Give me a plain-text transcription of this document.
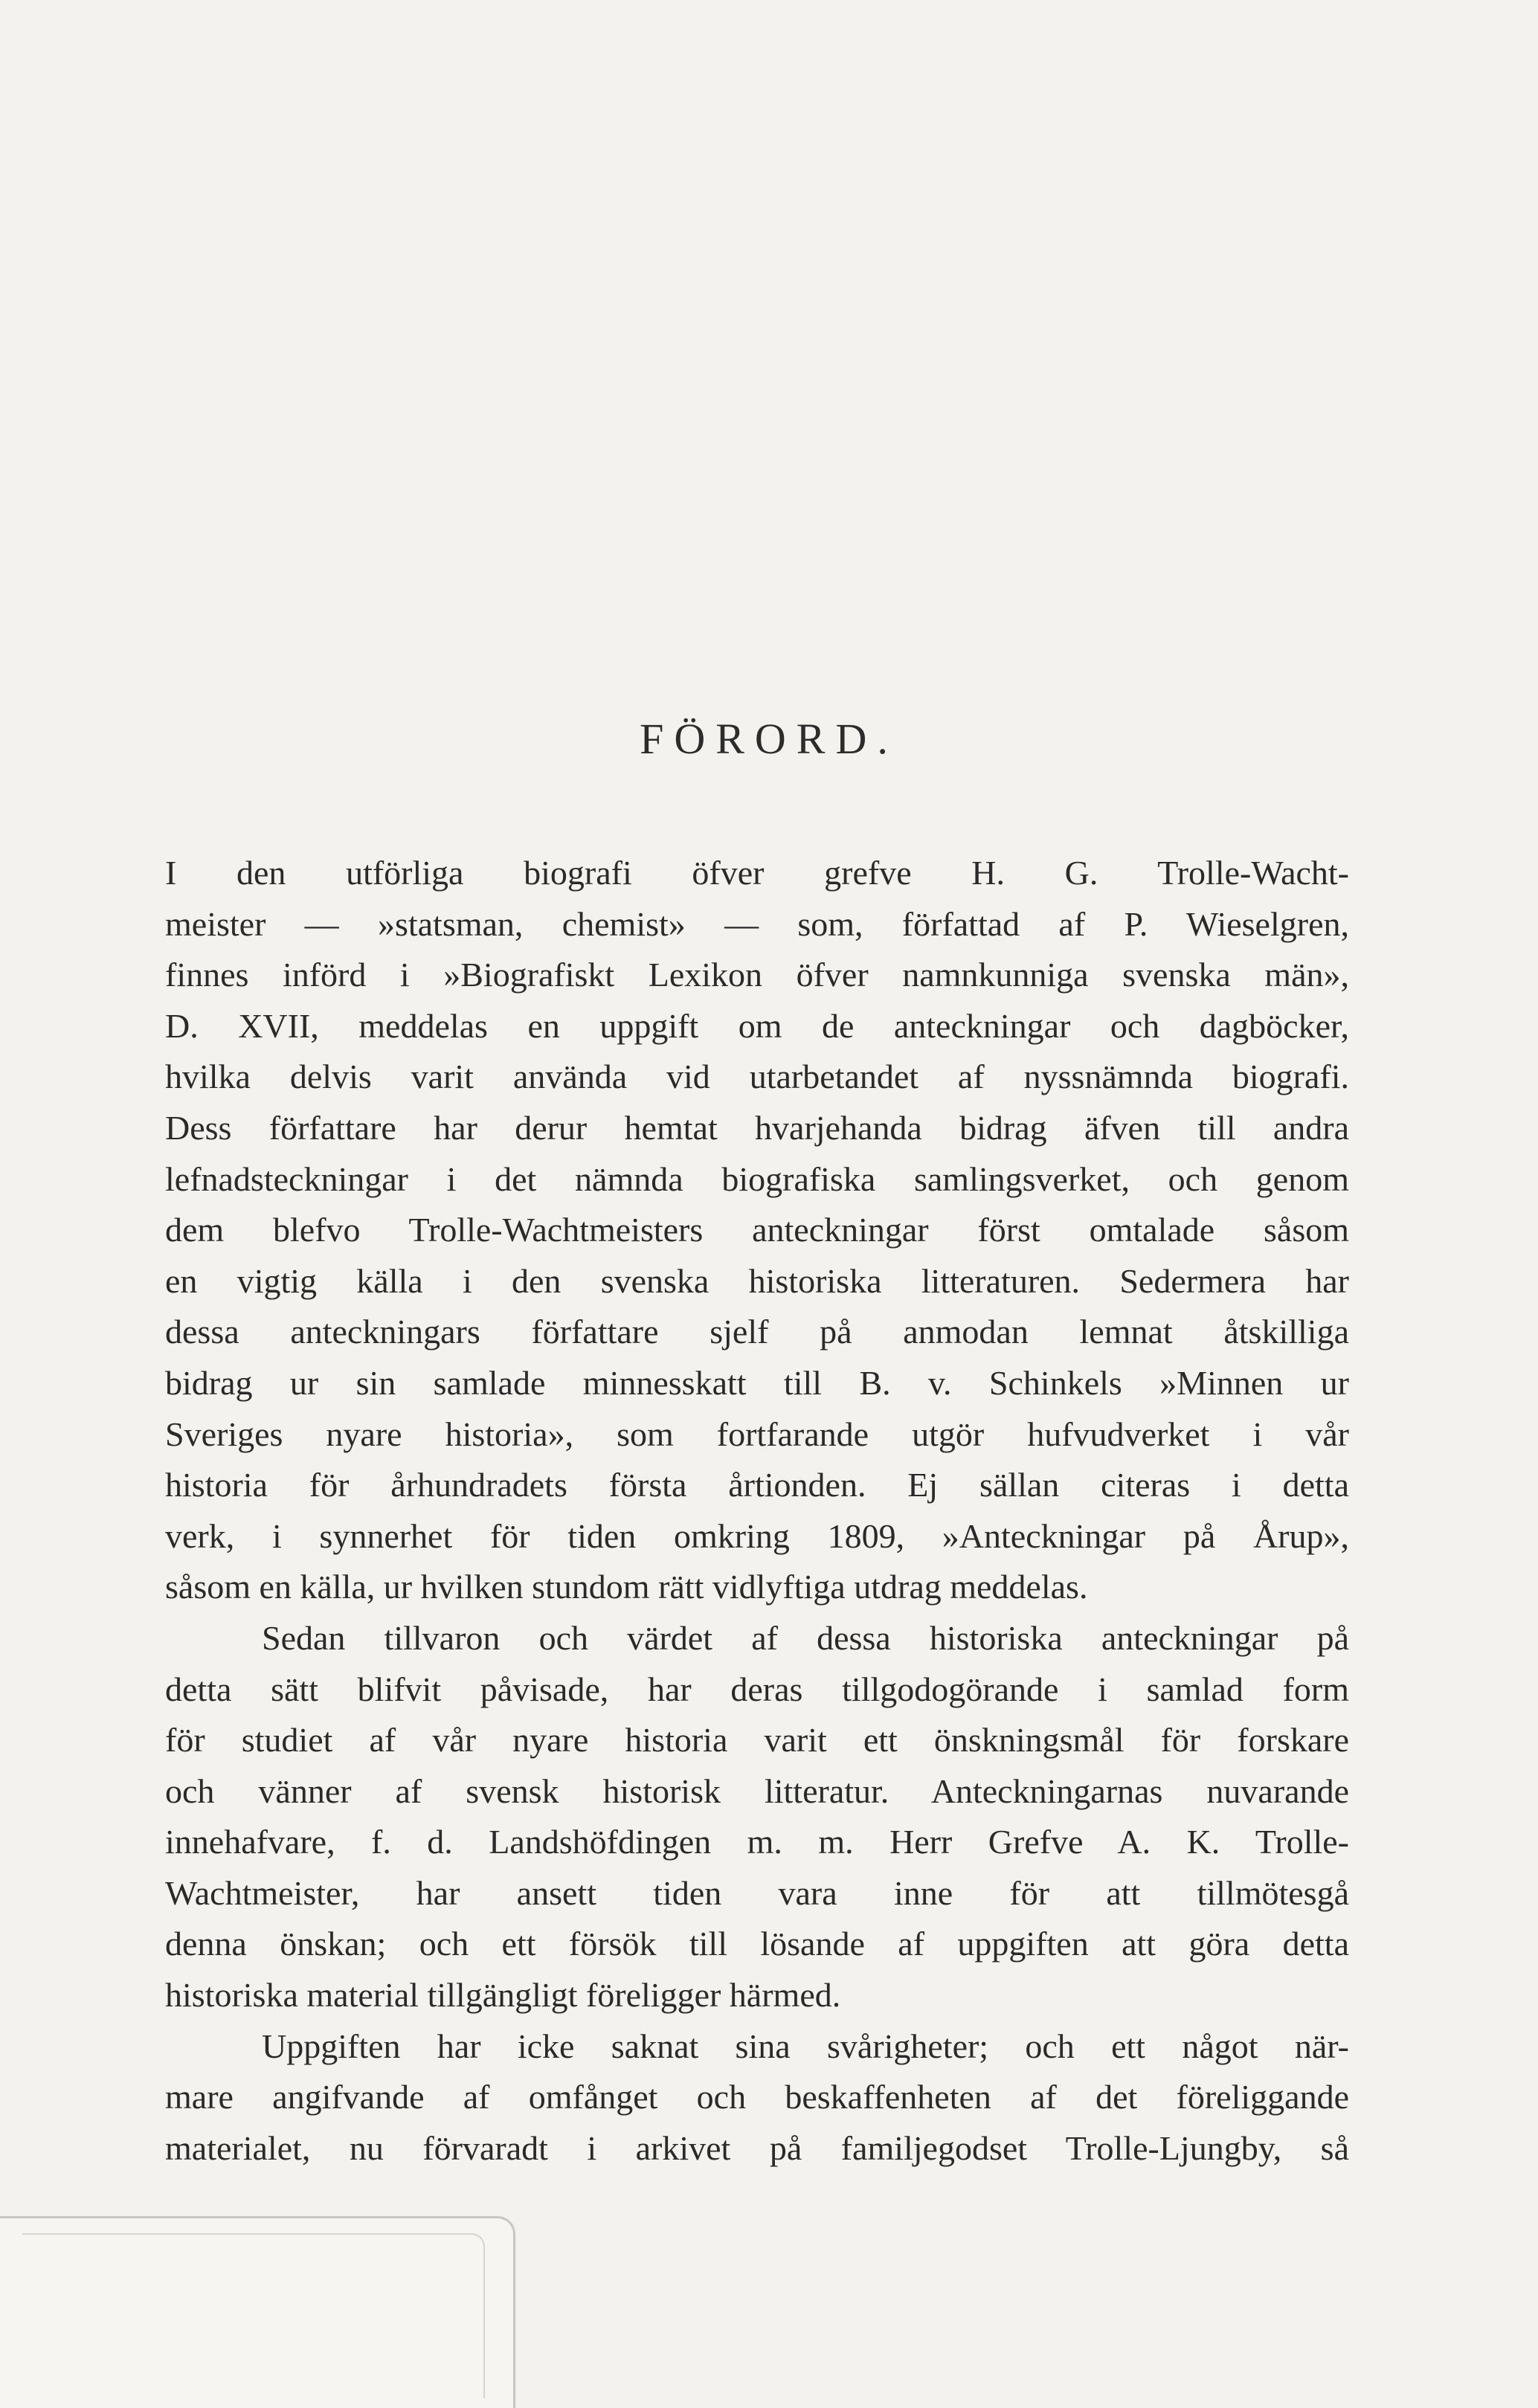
FÖRORD.
I den utförliga biografi öfver grefve H. G. Trolle-Wacht-
meister — »statsman, chemist» — som, författad af P. Wieselgren,
finnes införd i »Biografiskt Lexikon öfver namnkunniga svenska män»,
D. XVII, meddelas en uppgift om de anteckningar och dagböcker,
hvilka delvis varit använda vid utarbetandet af nyssnämnda biografi.
Dess författare har derur hemtat hvarjehanda bidrag äfven till andra
lefnadsteckningar i det nämnda biografiska samlingsverket, och genom
dem blefvo Trolle-Wachtmeisters anteckningar först omtalade såsom
en vigtig källa i den svenska historiska litteraturen. Sedermera har
dessa anteckningars författare sjelf på anmodan lemnat åtskilliga
bidrag ur sin samlade minnesskatt till B. v. Schinkels »Minnen ur
Sveriges nyare historia», som fortfarande utgör hufvudverket i vår
historia för århundradets första årtionden. Ej sällan citeras i detta
verk, i synnerhet för tiden omkring 1809, »Anteckningar på Årup»,
såsom en källa, ur hvilken stundom rätt vidlyftiga utdrag meddelas.
Sedan tillvaron och värdet af dessa historiska anteckningar på
detta sätt blifvit påvisade, har deras tillgodogörande i samlad form
för studiet af vår nyare historia varit ett önskningsmål för forskare
och vänner af svensk historisk litteratur. Anteckningarnas nuvarande
innehafvare, f. d. Landshöfdingen m. m. Herr Grefve A. K. Trolle-
Wachtmeister, har ansett tiden vara inne för att tillmötesgå
denna önskan; och ett försök till lösande af uppgiften att göra detta
historiska material tillgängligt föreligger härmed.
Uppgiften har icke saknat sina svårigheter; och ett något när-
mare angifvande af omfånget och beskaffenheten af det föreliggande
materialet, nu förvaradt i arkivet på familjegodset Trolle-Ljungby, så
